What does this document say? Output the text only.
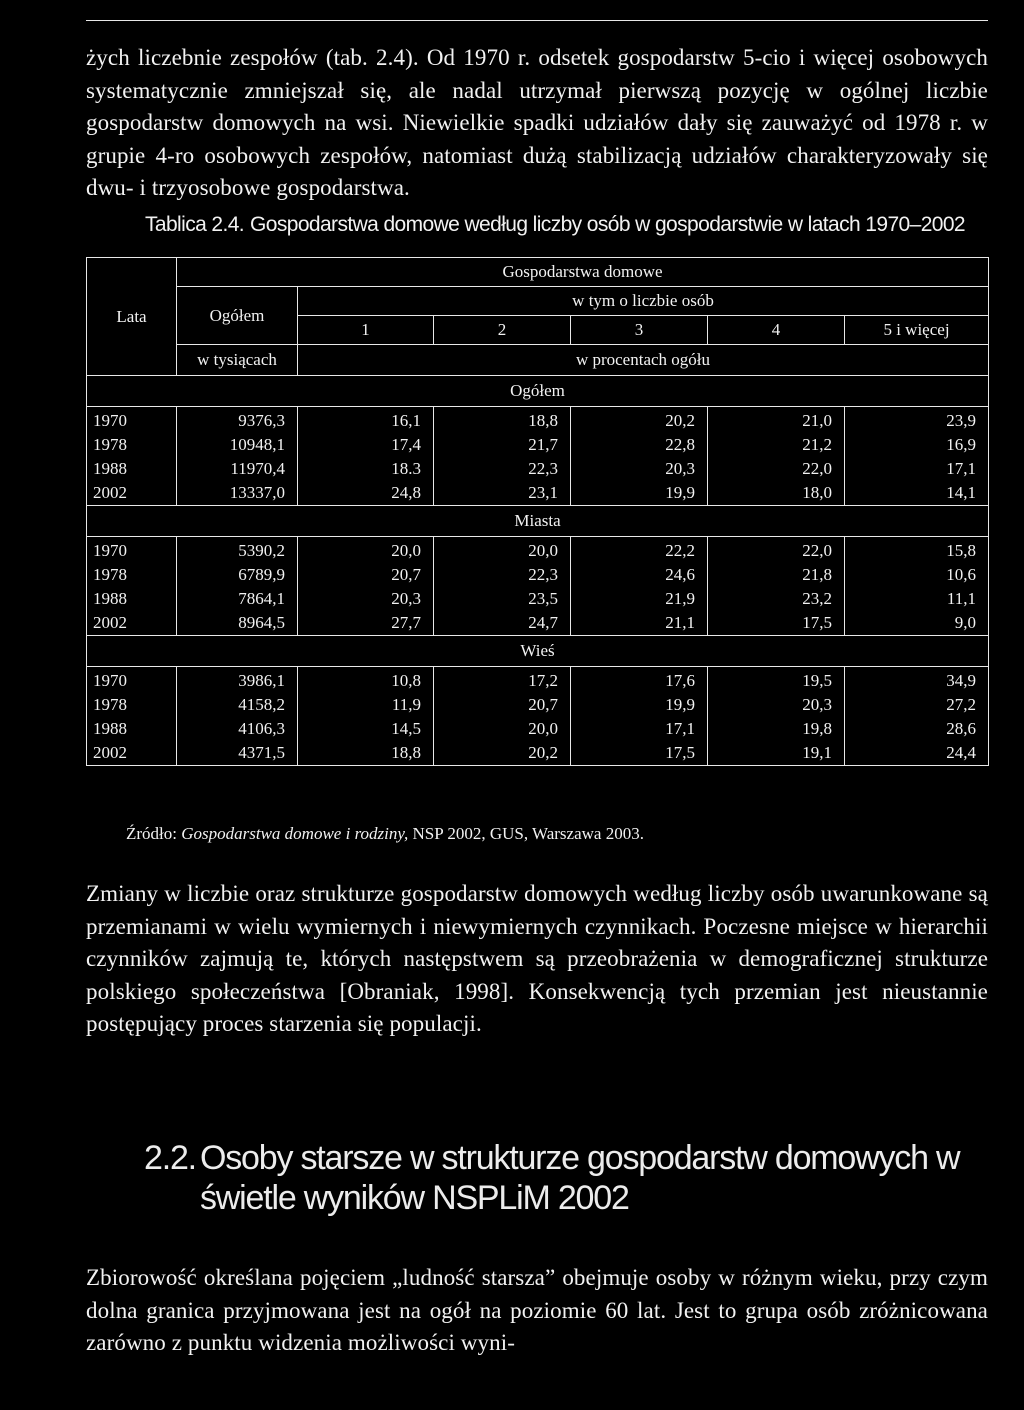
żych liczebnie zespołów (tab. 2.4). Od 1970 r. odsetek gospodarstw 5-cio i więcej osobowych systematycznie zmniejszał się, ale nadal utrzymał pierwszą pozycję w ogólnej liczbie gospodarstw domowych na wsi. Niewielkie spadki udziałów dały się zauważyć od 1978 r. w grupie 4-ro osobowych zespołów, natomiast dużą stabilizacją udziałów charakteryzowały się dwu- i trzyosobowe gospodarstwa.

Tablica 2.4. Gospodarstwa domowe według liczby osób w gospodarstwie w latach 1970–2002
Lata	Gospodarstwa domowe					
	Ogółem	w tym o liczbie osób				
		1	2	3	4	5 i więcej
	w tysiącach	w procentach ogółu				
Ogółem						
1970	9376,3	16,1	18,8	20,2	21,0	23,9
1978	10948,1	17,4	21,7	22,8	21,2	16,9
1988	11970,4	18.3	22,3	20,3	22,0	17,1
2002	13337,0	24,8	23,1	19,9	18,0	14,1
Miasta						
1970	5390,2	20,0	20,0	22,2	22,0	15,8
1978	6789,9	20,7	22,3	24,6	21,8	10,6
1988	7864,1	20,3	23,5	21,9	23,2	11,1
2002	8964,5	27,7	24,7	21,1	17,5	9,0
Wieś						
1970	3986,1	10,8	17,2	17,6	19,5	34,9
1978	4158,2	11,9	20,7	19,9	20,3	27,2
1988	4106,3	14,5	20,0	17,1	19,8	28,6
2002	4371,5	18,8	20,2	17,5	19,1	24,4
Źródło: Gospodarstwa domowe i rodziny, NSP 2002, GUS, Warszawa 2003.

Zmiany w liczbie oraz strukturze gospodarstw domowych według liczby osób uwarunkowane są przemianami w wielu wymiernych i niewymiernych czynnikach. Poczesne miejsce w hierarchii czynników zajmują te, których następstwem są przeobrażenia w demograficznej strukturze polskiego społeczeństwa [Obraniak, 1998]. Konsekwencją tych przemian jest nieustannie postępujący proces starzenia się populacji.

2.2. Osoby starsze w strukturze gospodarstw domowych w świetle wyników NSPLiM 2002

Zbiorowość określana pojęciem „ludność starsza” obejmuje osoby w różnym wieku, przy czym dolna granica przyjmowana jest na ogół na poziomie 60 lat. Jest to grupa osób zróżnicowana zarówno z punktu widzenia możliwości wyni-
